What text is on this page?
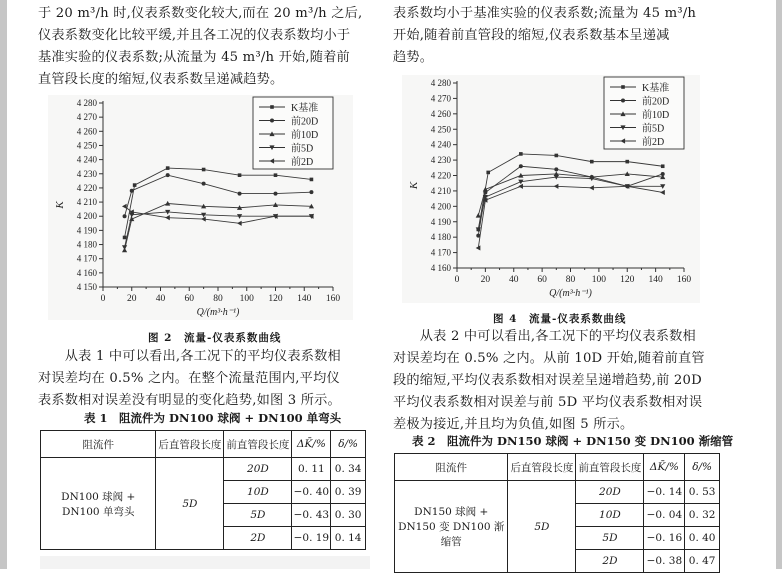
于 20 m³/h 时,仪表系数变化较大,而在 20 m³/h 之后,
仪表系数变化比较平缓,并且各工况的仪表系数均小于
基准实验的仪表系数;从流量为 45 m³/h 开始,随着前
直管段长度的缩短,仪表系数呈递减趋势。
4 150
4 160
4 170
4 180
4 190
4 200
4 210
4 220
4 230
4 240
4 250
4 260
4 270
4 280
0 20 40 60 80 100 120 140 160
Q/(m³·h⁻¹)
K
K基准
前20D
前10D
前5D
前2D
图 2　流量-仪表系数曲线
　　从表 1 中可以看出,各工况下的平均仪表系数相
对误差均在 0.5% 之内。在整个流量范围内,平均仪
表系数相对误差没有明显的变化趋势,如图 3 所示。
表 1　阻流件为 DN100 球阀 + DN100 单弯头
阻流件	后直管段长度	前直管段长度	ΔK̄/%	δ/%
DN100 球阀 +
DN100 单弯头	5D	20D	0. 11	0. 34
		10D	−0. 40	0. 39
		5D	−0. 43	0. 30
		2D	−0. 19	0. 14
表系数均小于基准实验的仪表系数;流量为 45 m³/h
开始,随着前直管段的缩短,仪表系数基本呈递减
趋势。
4 160
4 170
4 180
4 190
4 200
4 210
4 220
4 230
4 240
4 250
4 260
4 270
4 280
0 20 40 60 80 100 120 140 160
Q/(m³·h⁻¹)
K
K基准
前20D
前10D
前5D
前2D
图 4　流量-仪表系数曲线
　　从表 2 中可以看出,各工况下的平均仪表系数相
对误差均在 0.5% 之内。从前 10D 开始,随着前直管
段的缩短,平均仪表系数相对误差呈递增趋势,前 20D
平均仪表系数相对误差与前 5D 平均仪表系数相对误
差极为接近,并且均为负值,如图 5 所示。
表 2　阻流件为 DN150 球阀 + DN150 变 DN100 渐缩管
阻流件	后直管段长度	前直管段长度	ΔK̄/%	δ/%
DN150 球阀 +
DN150 变 DN100 渐缩管	5D	20D	−0. 14	0. 53
		10D	−0. 04	0. 32
		5D	−0. 16	0. 40
		2D	−0. 38	0. 47
